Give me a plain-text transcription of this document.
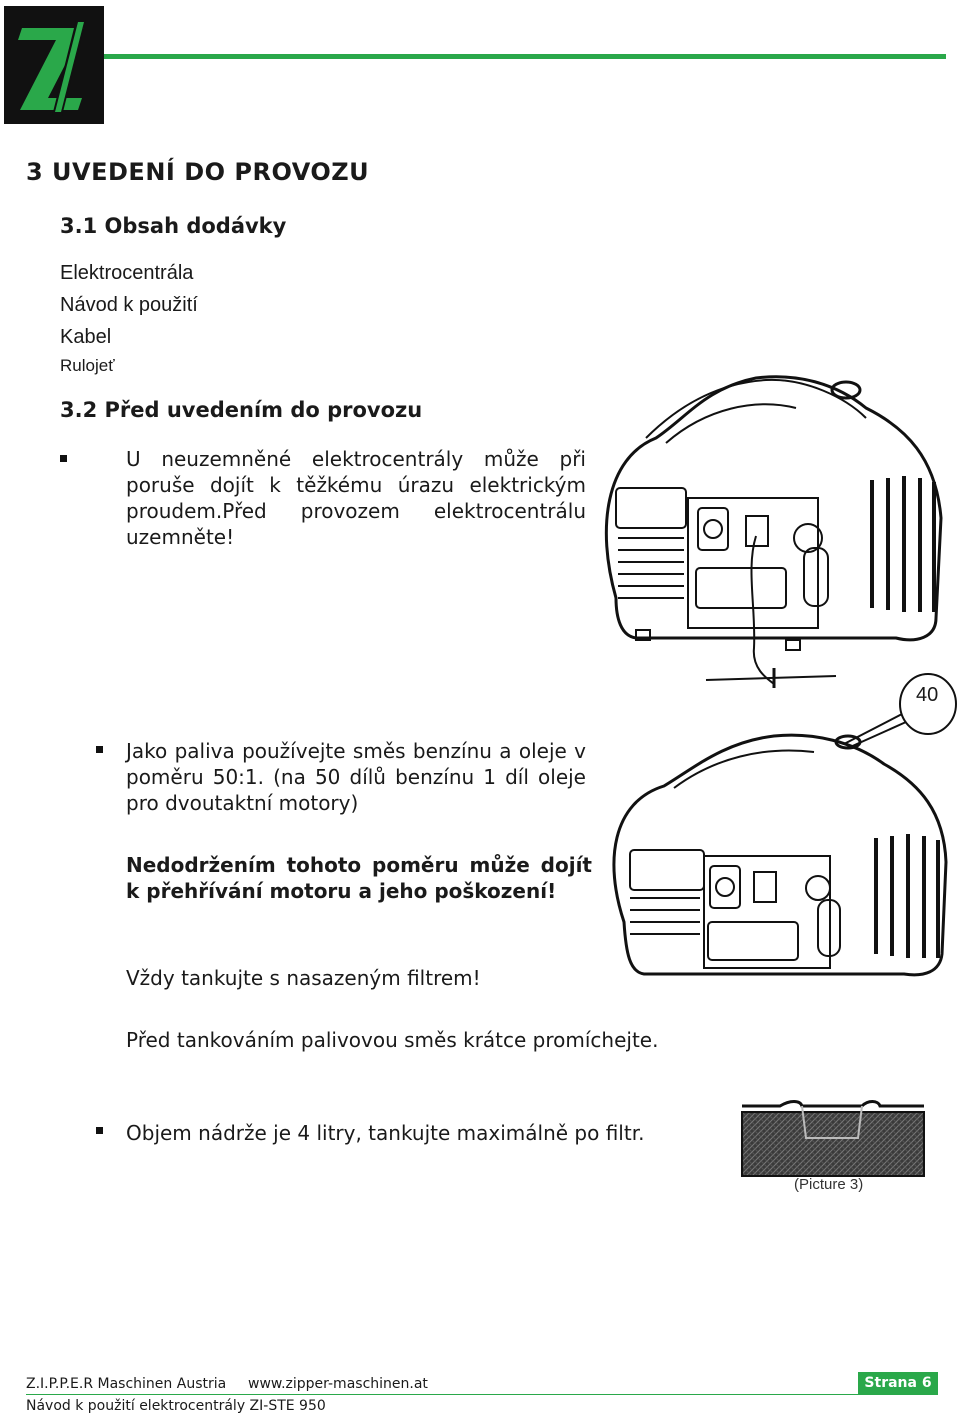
3 UVEDENÍ DO PROVOZU
3.1 Obsah dodávky
Elektrocentrála
Návod k použití
Kabel
Rulojeť
3.2 Před uvedením do provozu
U neuzemněné elektrocentrály může při poruše dojít k těžkému úrazu elektrickým proudem.Před provozem elektrocentrálu uzemněte!
Jako paliva používejte směs benzínu a oleje v poměru 50:1. (na 50 dílů benzínu 1 díl oleje pro dvoutaktní motory)
Nedodržením tohoto poměru může dojít k přehřívání motoru a jeho poškození!
Vždy tankujte s nasazeným filtrem!
Před tankováním palivovou směs krátce promíchejte.
Objem nádrže je 4 litry, tankujte maximálně po filtr.
40
(Picture 3)
Z.I.P.P.E.R Maschinen Austria www.zipper-maschinen.at	Strana 6
Návod k použití elektrocentrály ZI-STE 950
